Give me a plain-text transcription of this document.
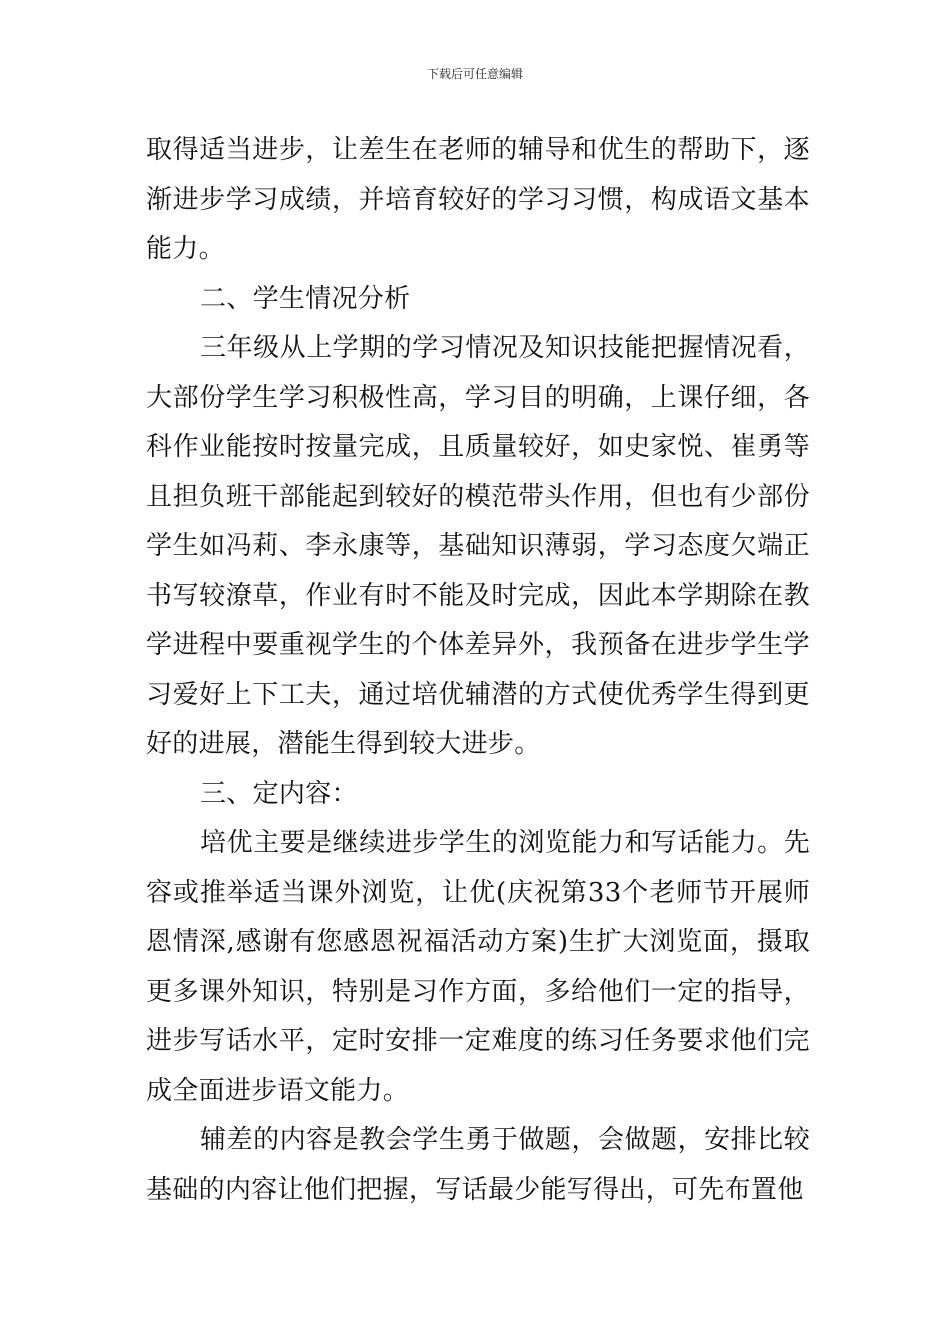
下载后可任意编辑

取得适当进步，让差生在老师的辅导和优生的帮助下，逐渐进步学习成绩，并培育较好的学习习惯，构成语文基本能力。

二、学生情况分析

三年级从上学期的学习情况及知识技能把握情况看，大部份学生学习积极性高，学习目的明确，上课仔细，各科作业能按时按量完成，且质量较好，如史家悦、崔勇等且担负班干部能起到较好的模范带头作用，但也有少部份学生如冯莉、李永康等，基础知识薄弱，学习态度欠端正书写较潦草，作业有时不能及时完成，因此本学期除在教学进程中要重视学生的个体差异外，我预备在进步学生学习爱好上下工夫，通过培优辅潜的方式使优秀学生得到更好的进展，潜能生得到较大进步。

三、定内容：

培优主要是继续进步学生的浏览能力和写话能力。先容或推举适当课外浏览，让优(庆祝第33个老师节开展师恩情深,感谢有您感恩祝福活动方案)生扩大浏览面，摄取更多课外知识，特别是习作方面，多给他们一定的指导，进步写话水平，定时安排一定难度的练习任务要求他们完成全面进步语文能力。

辅差的内容是教会学生勇于做题，会做题，安排比较基础的内容让他们把握，写话最少能写得出，可先布置他
